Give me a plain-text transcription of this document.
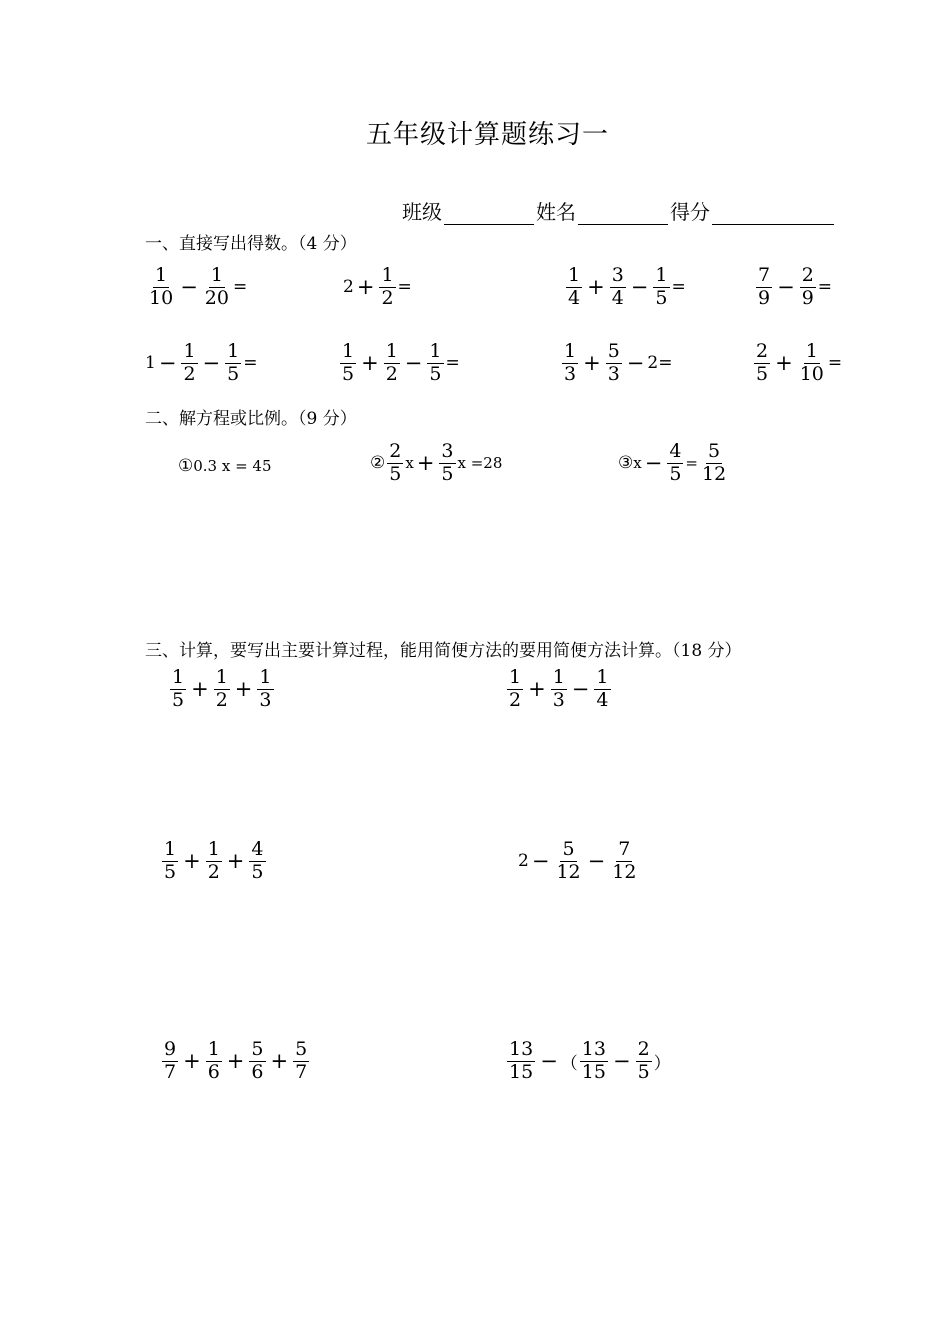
五年级计算题练习一
班级	姓名	得分
一、直接写出得数。（4 分）
$\frac{1}{10} - \frac{1}{20}$ =	$2 + \frac{1}{2}$ =	$\frac{1}{4} + \frac{3}{4} - \frac{1}{5}$ =	$\frac{7}{9} - \frac{2}{9}$ =
$1 - \frac{1}{2} - \frac{1}{5}$ =	$\frac{1}{5} + \frac{1}{2} - \frac{1}{5}$ =	$\frac{1}{3} + \frac{5}{3} - 2=$	$\frac{2}{5} + \frac{1}{10}$ =
二、解方程或比例。（9 分）
① 0.3 x = 45	② $\frac{2}{5}$ $x + \frac{3}{5}$ x =28	③ $x - \frac{4}{5} = \frac{5}{12}$
三、计算，要写出主要计算过程，能用简便方法的要用简便方法计算。（18 分）
$\frac{1}{5} + \frac{1}{2} + \frac{1}{3}$	$\frac{1}{2} + \frac{1}{3} - \frac{1}{4}$
$\frac{1}{5} + \frac{1}{2} + \frac{4}{5}$	$2 - \frac{5}{12} - \frac{7}{12}$
$\frac{9}{7} + \frac{1}{6} + \frac{5}{6} + \frac{5}{7}$	$\frac{13}{15}$ − （ $\frac{13}{15} - \frac{2}{5}$ ）
